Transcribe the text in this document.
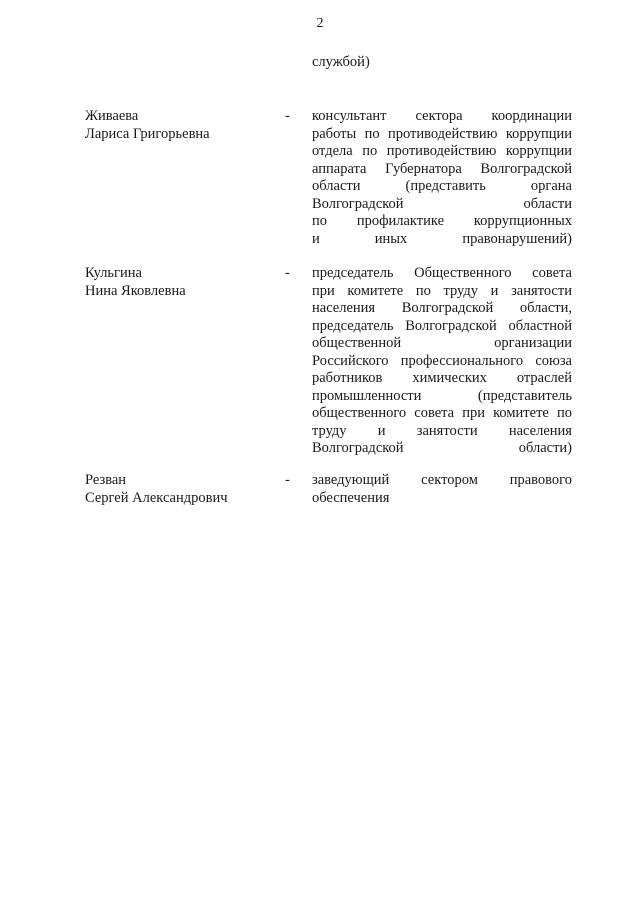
2
службой)
Живаева
Лариса Григорьевна
- консультант сектора координации
работы по противодействию коррупции
отдела по противодействию коррупции
аппарата Губернатора Волгоградской
области	(представить	органа
Волгоградской	области
по профилактике коррупционных
и иных правонарушений)
Кульгина
Нина Яковлевна
- председатель Общественного совета
при комитете по труду и занятости
населения Волгоградской области,
председатель Волгоградской областной
общественной	организации
Российского профессионального союза
работников химических отраслей
промышленности	(представитель
общественного совета при комитете по
труду и занятости населения
Волгоградской области)
Резван
Сергей Александрович
- заведующий сектором правового
обеспечения
